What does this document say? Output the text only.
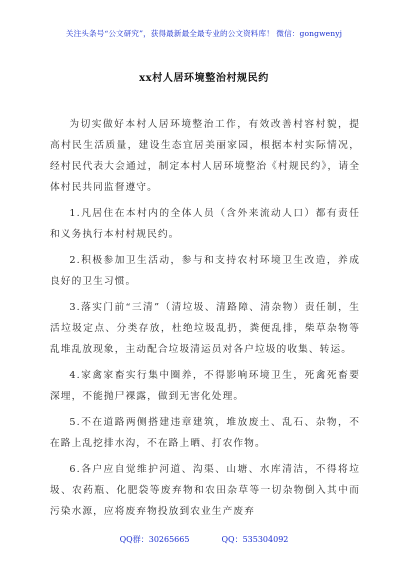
关注头条号“公文研究”，获得最新最全最专业的公文资料库！ 微信：gongwenyj
xx村人居环境整治村规民约

为切实做好本村人居环境整治工作，有效改善村容村貌，提高村民生活质量，建设生态宜居美丽家园，根据本村实际情况，经村民代表大会通过，制定本村人居环境整治《村规民约》，请全体村民共同监督遵守。

1.凡居住在本村内的全体人员（含外来流动人口）都有责任和义务执行本村村规民约。

2.积极参加卫生活动，参与和支持农村环境卫生改造，养成良好的卫生习惯。

3.落实门前“三清”（清垃圾、清路障、清杂物）责任制，生活垃圾定点、分类存放，杜绝垃圾乱扔，粪便乱排，柴草杂物等乱堆乱放现象，主动配合垃圾清运员对各户垃圾的收集、转运。

4.家禽家畜实行集中圈养，不得影响环境卫生，死禽死畜要深埋，不能抛尸裸露，做到无害化处理。

5.不在道路两侧搭建违章建筑，堆放废土、乱石、杂物，不在路上乱挖排水沟，不在路上晒、打农作物。

6.各户应自觉维护河道、沟渠、山塘、水库清洁，不得将垃圾、农药瓶、化肥袋等废弃物和农田杂草等一切杂物倒入其中而污染水源，应将废弃物投放到农业生产废弃

QQ群：30265665	QQ：535304092
